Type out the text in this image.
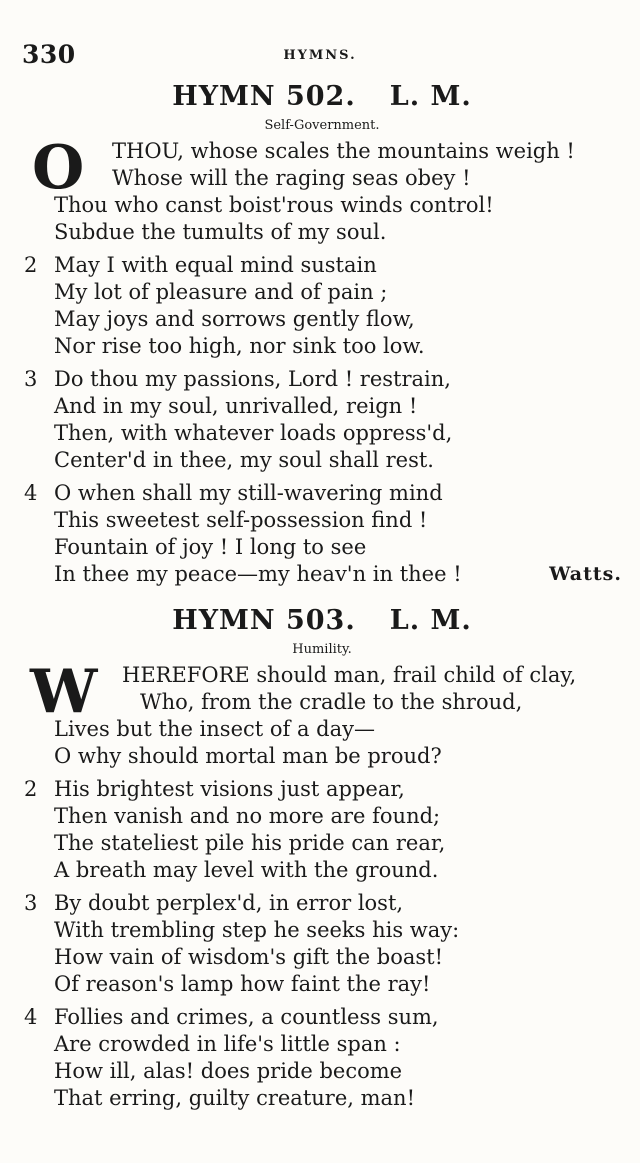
330	HYMNS.
HYMN 502. L. M.
Self-Government.
O	THOU, whose scales the mountains weigh !
Whose will the raging seas obey !
Thou who canst boist'rous winds control!
Subdue the tumults of my soul.
2 May I with equal mind sustain
My lot of pleasure and of pain ;
May joys and sorrows gently flow,
Nor rise too high, nor sink too low.
3 Do thou my passions, Lord ! restrain,
And in my soul, unrivalled, reign !
Then, with whatever loads oppress'd,
Center'd in thee, my soul shall rest.
4 O when shall my still-wavering mind
This sweetest self-possession find !
Fountain of joy ! I long to see
In thee my peace—my heav'n in thee !	Watts.
HYMN 503. L. M.
Humility.
W	HEREFORE should man, frail child of clay,
Who, from the cradle to the shroud,
Lives but the insect of a day—
O why should mortal man be proud?
2 His brightest visions just appear,
Then vanish and no more are found;
The stateliest pile his pride can rear,
A breath may level with the ground.
3 By doubt perplex'd, in error lost,
With trembling step he seeks his way:
How vain of wisdom's gift the boast!
Of reason's lamp how faint the ray!
4 Follies and crimes, a countless sum,
Are crowded in life's little span :
How ill, alas! does pride become
That erring, guilty creature, man!
